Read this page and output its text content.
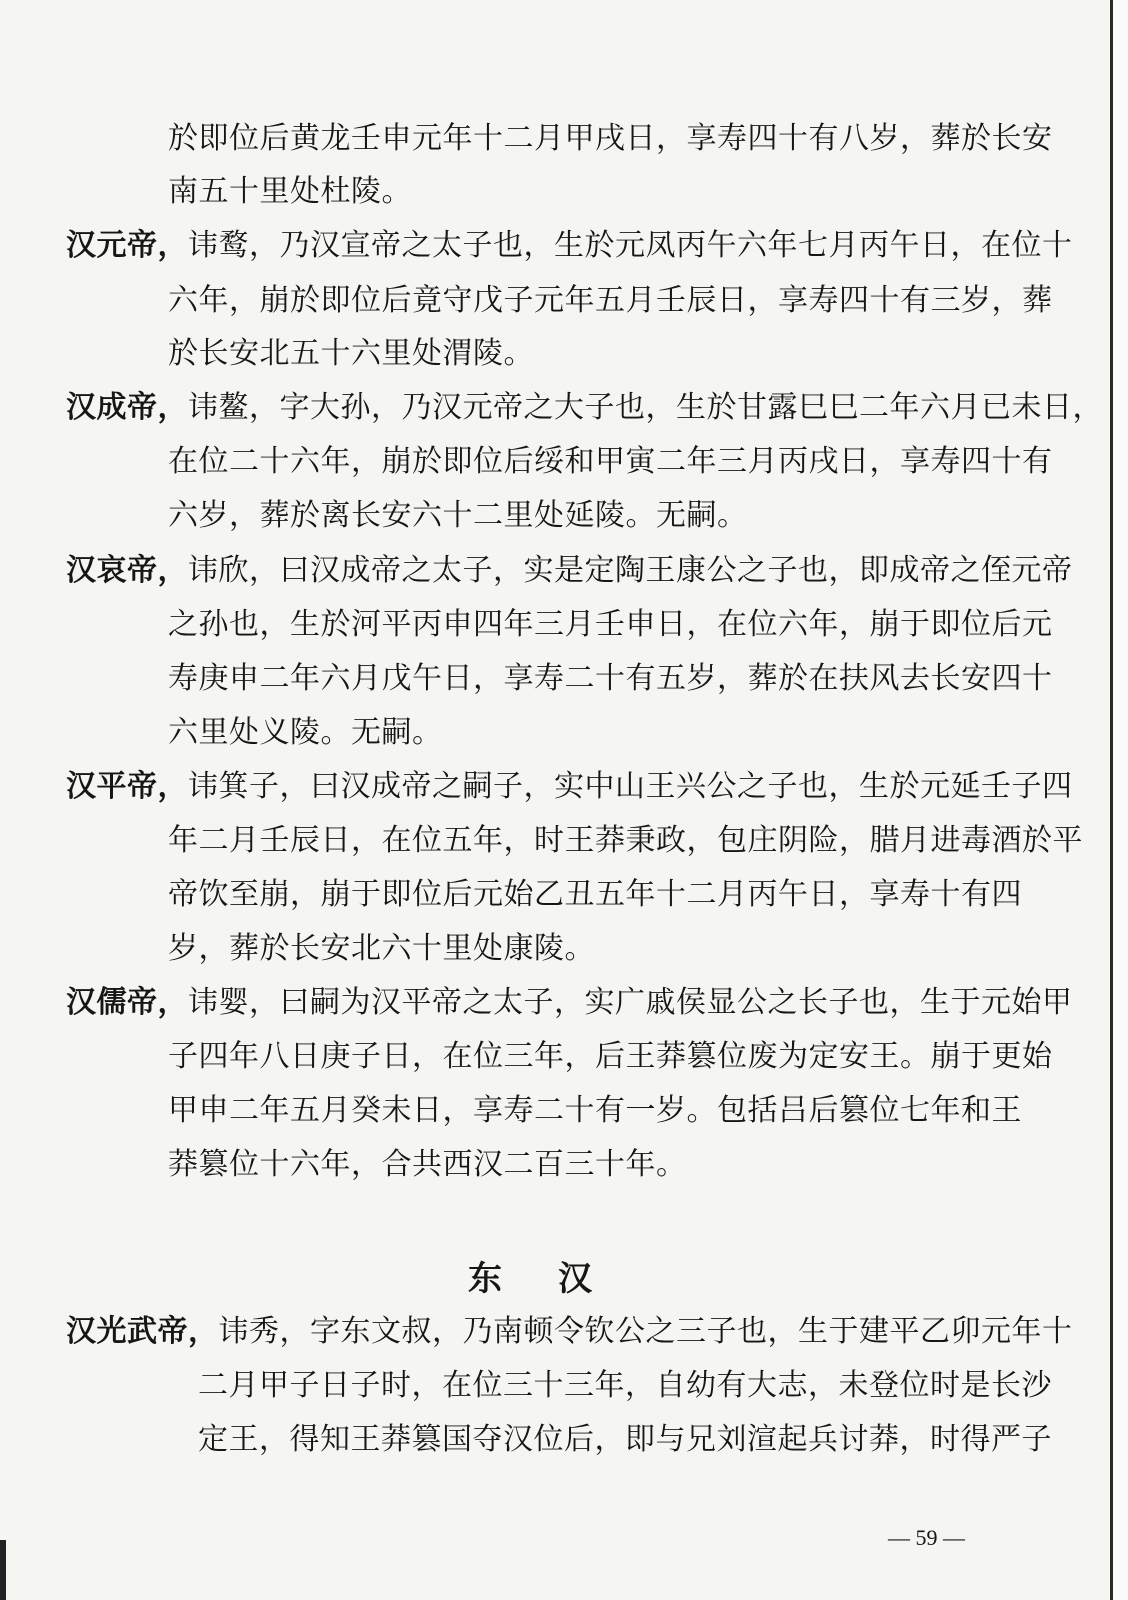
於即位后黄龙壬申元年十二月甲戌日，享寿四十有八岁，葬於长安
南五十里处杜陵。
汉元帝，讳鹜，乃汉宣帝之太子也，生於元凤丙午六年七月丙午日，在位十
六年，崩於即位后竟守戊子元年五月壬辰日，享寿四十有三岁，葬
於长安北五十六里处渭陵。
汉成帝，讳鳌，字大孙，乃汉元帝之大子也，生於甘露巳巳二年六月已未日，
在位二十六年，崩於即位后绥和甲寅二年三月丙戌日，享寿四十有
六岁，葬於离长安六十二里处延陵。无嗣。
汉哀帝，讳欣，曰汉成帝之太子，实是定陶王康公之子也，即成帝之侄元帝
之孙也，生於河平丙申四年三月壬申日，在位六年，崩于即位后元
寿庚申二年六月戊午日，享寿二十有五岁，葬於在扶风去长安四十
六里处义陵。无嗣。
汉平帝，讳箕子，曰汉成帝之嗣子，实中山王兴公之子也，生於元延壬子四
年二月壬辰日，在位五年，时王莽秉政，包庄阴险，腊月进毒酒於平
帝饮至崩，崩于即位后元始乙丑五年十二月丙午日，享寿十有四
岁，葬於长安北六十里处康陵。
汉儒帝，讳婴，曰嗣为汉平帝之太子，实广戚侯显公之长子也，生于元始甲
子四年八日庚子日，在位三年，后王莽篡位废为定安王。崩于更始
甲申二年五月癸未日，享寿二十有一岁。包括吕后篡位七年和王
莽篡位十六年，合共西汉二百三十年。
东汉
汉光武帝，讳秀，字东文叔，乃南顿令钦公之三子也，生于建平乙卯元年十
二月甲子日子时，在位三十三年，自幼有大志，未登位时是长沙
定王，得知王莽篡国夺汉位后，即与兄刘渲起兵讨莽，时得严子
— 59 —
